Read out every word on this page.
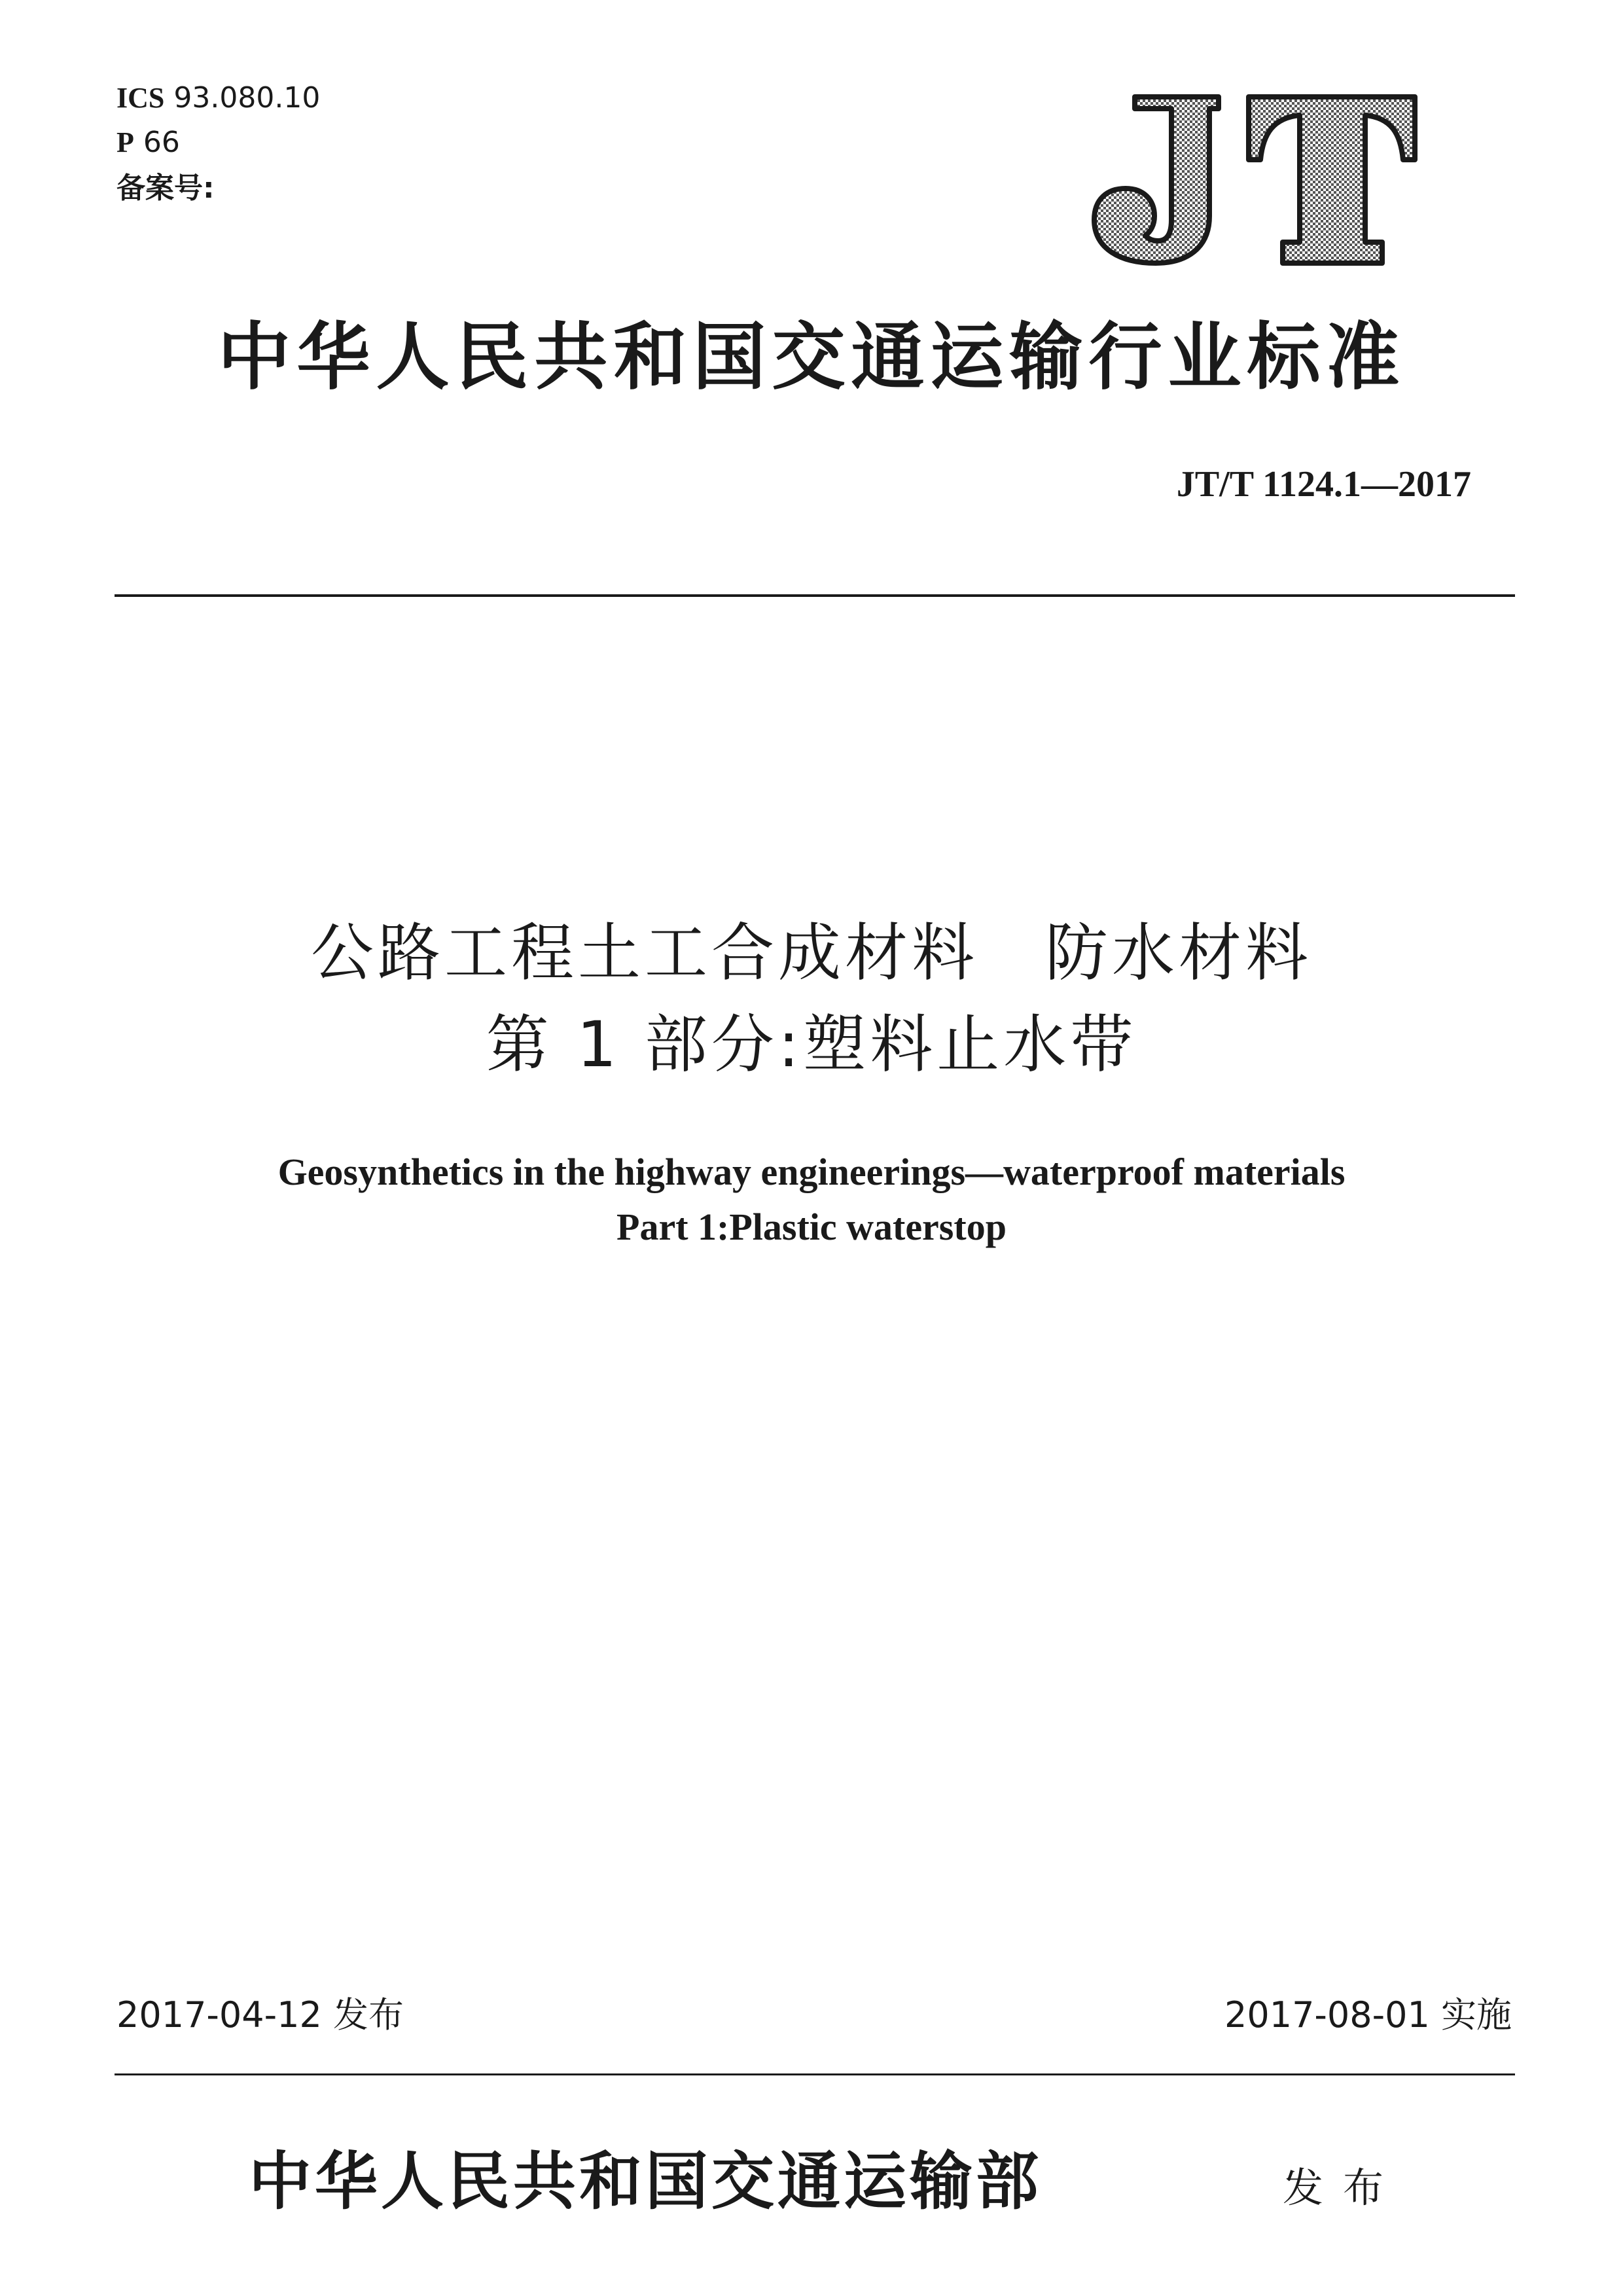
ICS 93.080.10
P 66
备案号:
中华人民共和国交通运输行业标准
JT/T 1124.1—2017
公路工程土工合成材料　防水材料
第 1 部分:塑料止水带
Geosynthetics in the highway engineerings—waterproof materials
Part 1:Plastic waterstop
2017-04-12 发布	2017-08-01 实施
中华人民共和国交通运输部	发布
